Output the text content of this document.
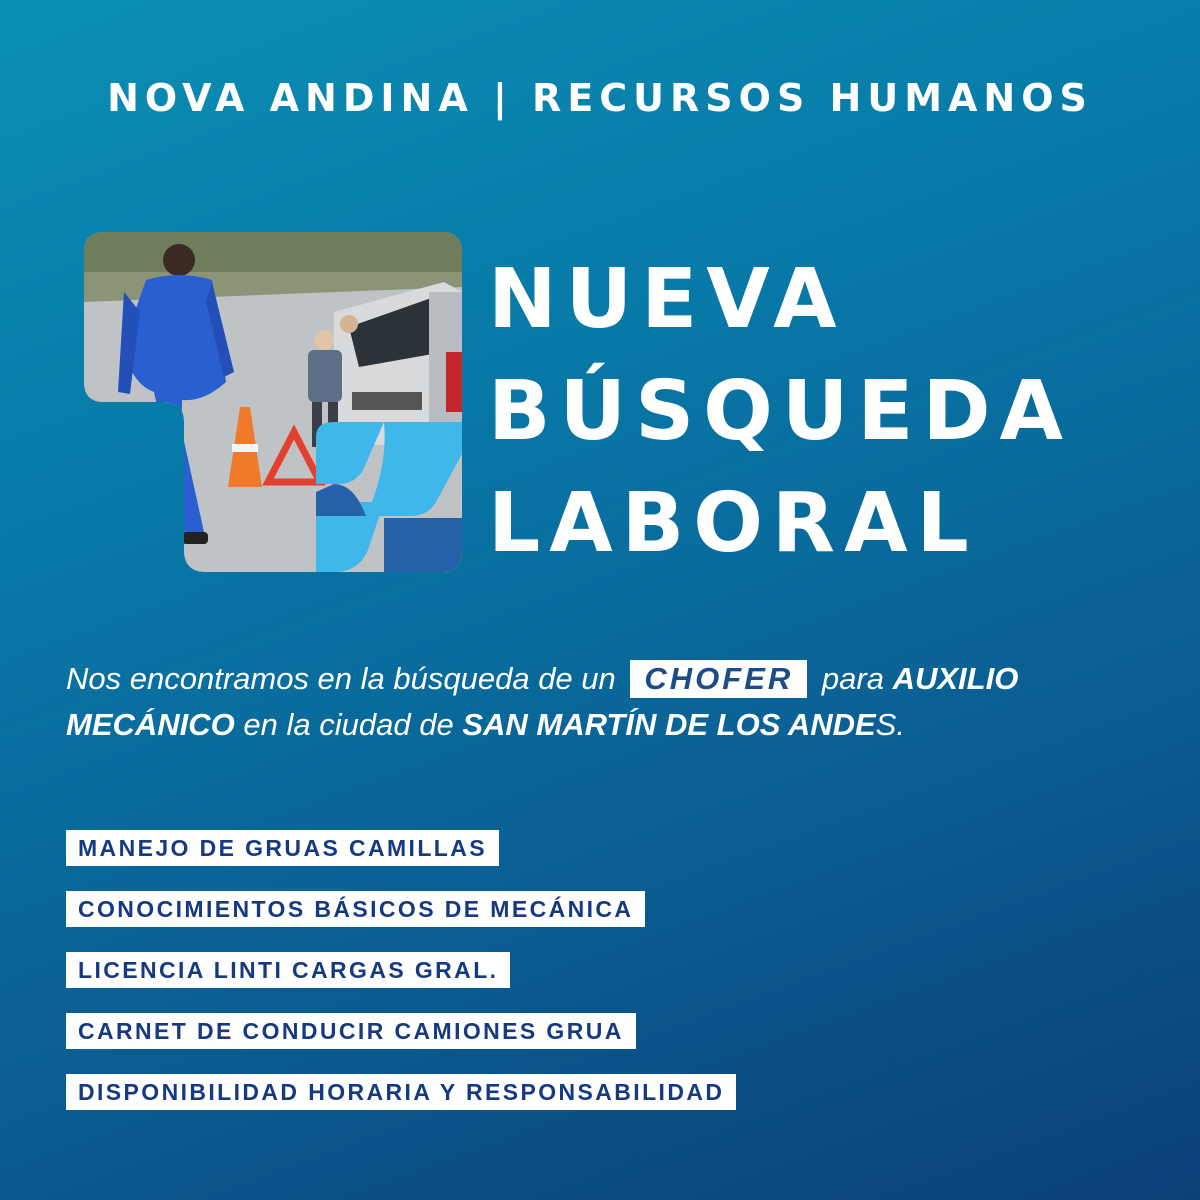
NOVA ANDINA | RECURSOS HUMANOS
NUEVA
BÚSQUEDA
LABORAL
Nos encontramos en la búsqueda de un CHOFER para AUXILIO
MECÁNICO en la ciudad de SAN MARTÍN DE LOS ANDES.
MANEJO DE GRUAS CAMILLAS
CONOCIMIENTOS BÁSICOS DE MECÁNICA
LICENCIA LINTI CARGAS GRAL.
CARNET DE CONDUCIR CAMIONES GRUA
DISPONIBILIDAD HORARIA Y RESPONSABILIDAD
